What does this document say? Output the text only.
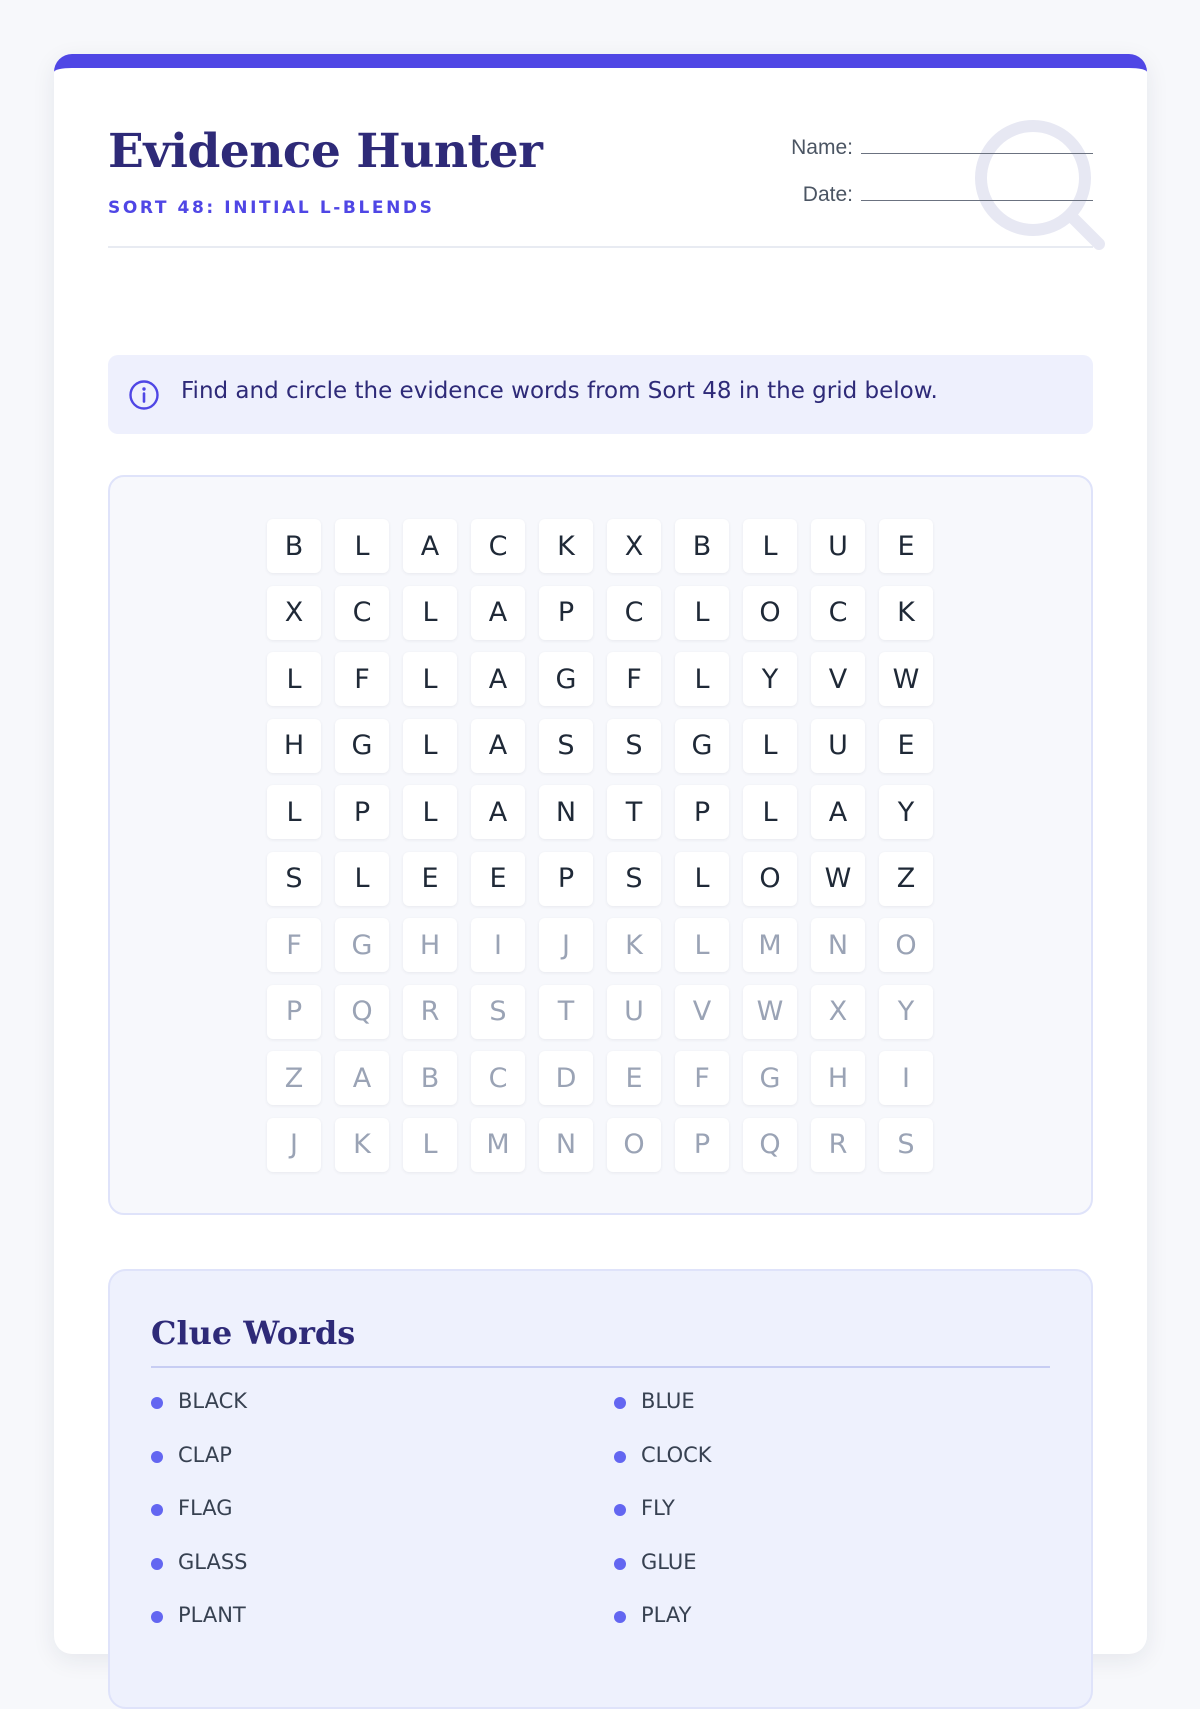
Evidence Hunter
SORT 48: INITIAL L-BLENDS
Name:
Date:
Find and circle the evidence words from Sort 48 in the grid below.
B	L	A	C	K	X	B	L	U	E
X	C	L	A	P	C	L	O	C	K
L	F	L	A	G	F	L	Y	V	W
H	G	L	A	S	S	G	L	U	E
L	P	L	A	N	T	P	L	A	Y
S	L	E	E	P	S	L	O	W	Z
F	G	H	I	J	K	L	M	N	O
P	Q	R	S	T	U	V	W	X	Y
Z	A	B	C	D	E	F	G	H	I
J	K	L	M	N	O	P	Q	R	S
Clue Words
BLACK	BLUE
CLAP	CLOCK
FLAG	FLY
GLASS	GLUE
PLANT	PLAY
